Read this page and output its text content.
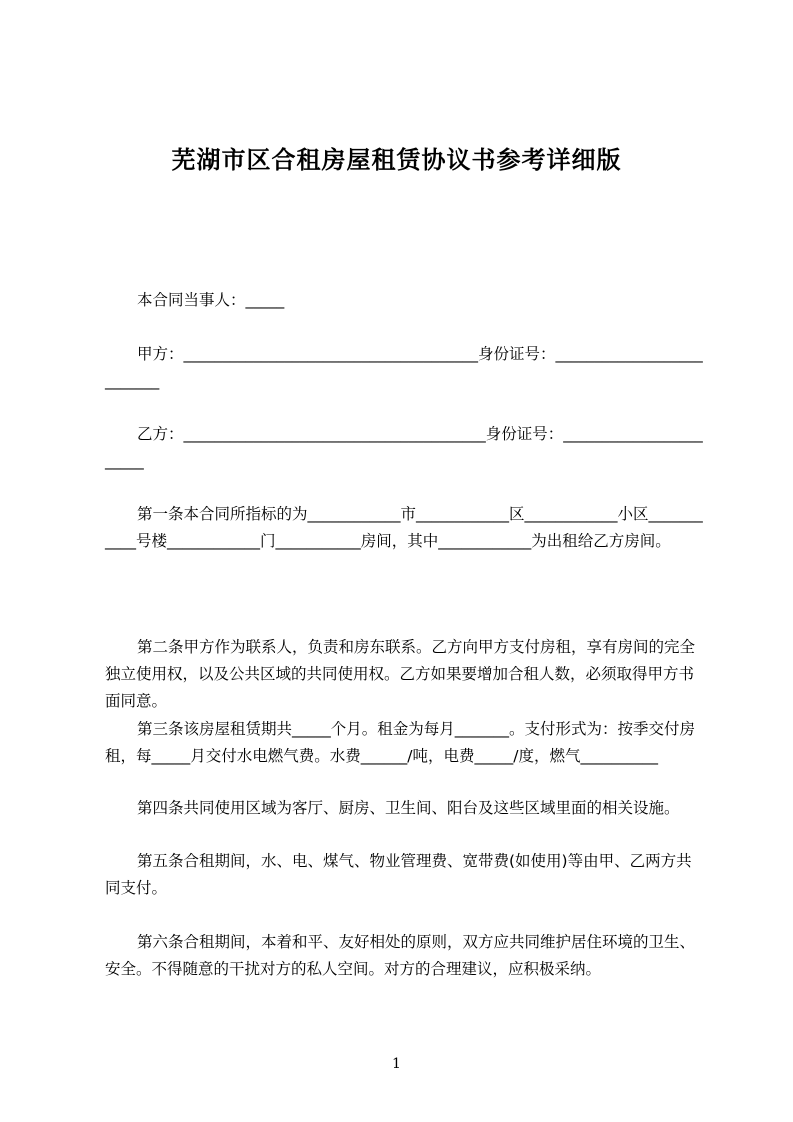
芜湖市区合租房屋租赁协议书参考详细版

本合同当事人：_____

甲方：______________________________________身份证号：__________________________

乙方：_______________________________________身份证号：_______________________

第一条本合同所指标的为____________市____________区____________小区___________号楼____________门___________房间，其中____________为出租给乙方房间。

第二条甲方作为联系人，负责和房东联系。乙方向甲方支付房租，享有房间的完全独立使用权，以及公共区域的共同使用权。乙方如果要增加合租人数，必须取得甲方书面同意。

第三条该房屋租赁期共_____个月。租金为每月_______。支付形式为：按季交付房租，每_____月交付水电燃气费。水费______/吨，电费_____/度，燃气__________

第四条共同使用区域为客厅、厨房、卫生间、阳台及这些区域里面的相关设施。

第五条合租期间，水、电、煤气、物业管理费、宽带费(如使用)等由甲、乙两方共同支付。

第六条合租期间，本着和平、友好相处的原则，双方应共同维护居住环境的卫生、安全。不得随意的干扰对方的私人空间。对方的合理建议，应积极采纳。

1
